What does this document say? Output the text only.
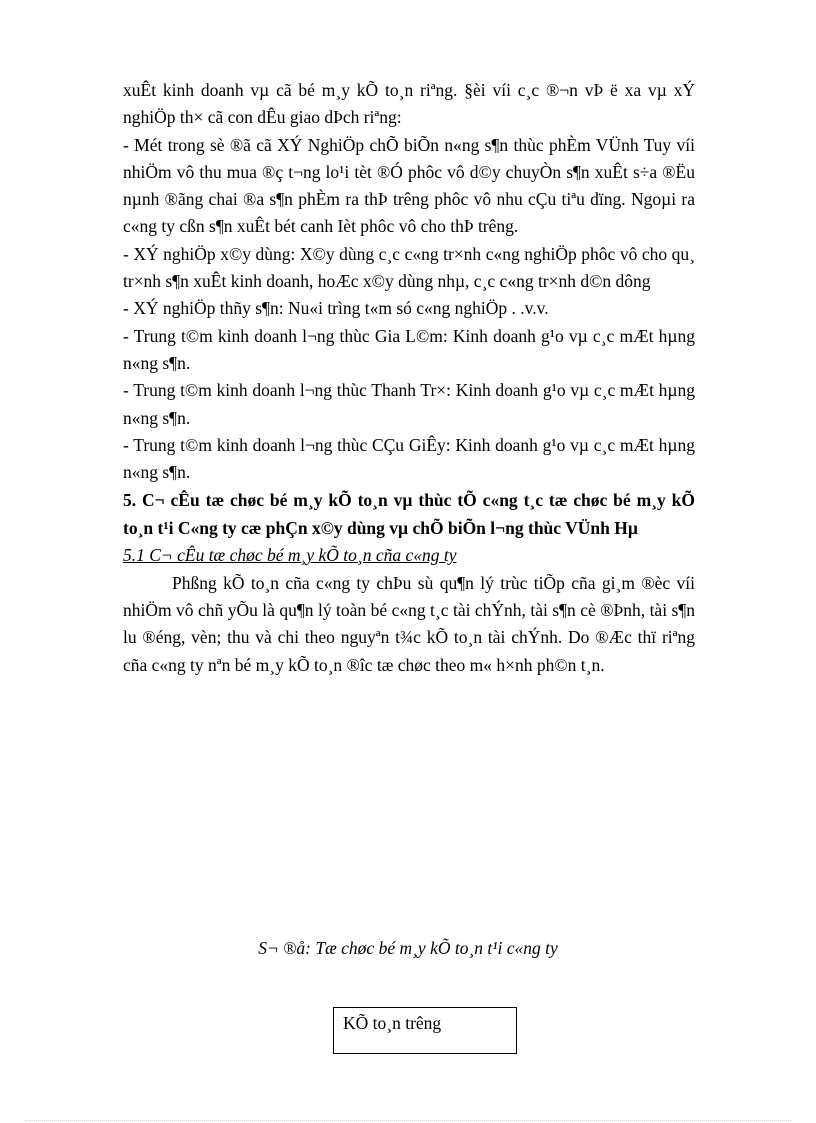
xuÊt kinh doanh vµ cã bé m¸y kÕ to¸n riªng. §èi víi c¸c ®¬n vÞ ë xa vµ xÝ nghiÖp th× cã con dÊu giao dÞch riªng:

- Mét trong sè ®ã cã XÝ NghiÖp chÕ biÕn n«ng s¶n thùc phÈm VÜnh Tuy víi nhiÖm vô thu mua ®ç t¬ng lo¹i tèt ®Ó phôc vô d©y chuyÒn s¶n xuÊt s÷a ®Ëu nµnh ®ãng chai ®a s¶n phÈm ra thÞ trêng phôc vô nhu cÇu tiªu dïng. Ngoµi ra c«ng ty cßn s¶n xuÊt bét canh Ièt phôc vô cho thÞ trêng.

- XÝ nghiÖp x©y dùng: X©y dùng c¸c c«ng tr×nh c«ng nghiÖp phôc vô cho qu¸ tr×nh s¶n xuÊt kinh doanh, hoÆc x©y dùng nhµ, c¸c c«ng tr×nh d©n dông

- XÝ nghiÖp thñy s¶n: Nu«i trìng t«m só c«ng nghiÖp . .v.v.

- Trung t©m kinh doanh l¬ng thùc Gia L©m: Kinh doanh g¹o vµ c¸c mÆt hµng n«ng s¶n.

- Trung t©m kinh doanh l¬ng thùc Thanh Tr×: Kinh doanh g¹o vµ c¸c mÆt hµng n«ng s¶n.

- Trung t©m kinh doanh l¬ng thùc CÇu GiÊy: Kinh doanh g¹o vµ c¸c mÆt hµng n«ng s¶n.

5. C¬ cÊu tæ chøc bé m¸y kÕ to¸n vµ thùc tÕ c«ng t¸c tæ chøc bé m¸y kÕ to¸n t¹i C«ng ty cæ phÇn x©y dùng vµ chÕ biÕn l¬ng thùc VÜnh Hµ

5.1 C¬ cÊu tæ chøc bé m¸y kÕ to¸n cña c«ng ty

Phßng kÕ to¸n cña c«ng ty chÞu sù qu¶n lý trùc tiÕp cña gi¸m ®èc víi nhiÖm vô chñ yÕu là qu¶n lý toàn bé c«ng t¸c tài chÝnh, tài s¶n cè ®Þnh, tài s¶n lu ®éng, vèn; thu và chi theo nguyªn t¾c kÕ to¸n tài chÝnh. Do ®Æc thï riªng cña c«ng ty nªn bé m¸y kÕ to¸n ®îc tæ chøc theo m« h×nh ph©n t¸n.

S¬ ®å: Tæ chøc bé m¸y kÕ to¸n t¹i c«ng ty
KÕ to¸n trêng
